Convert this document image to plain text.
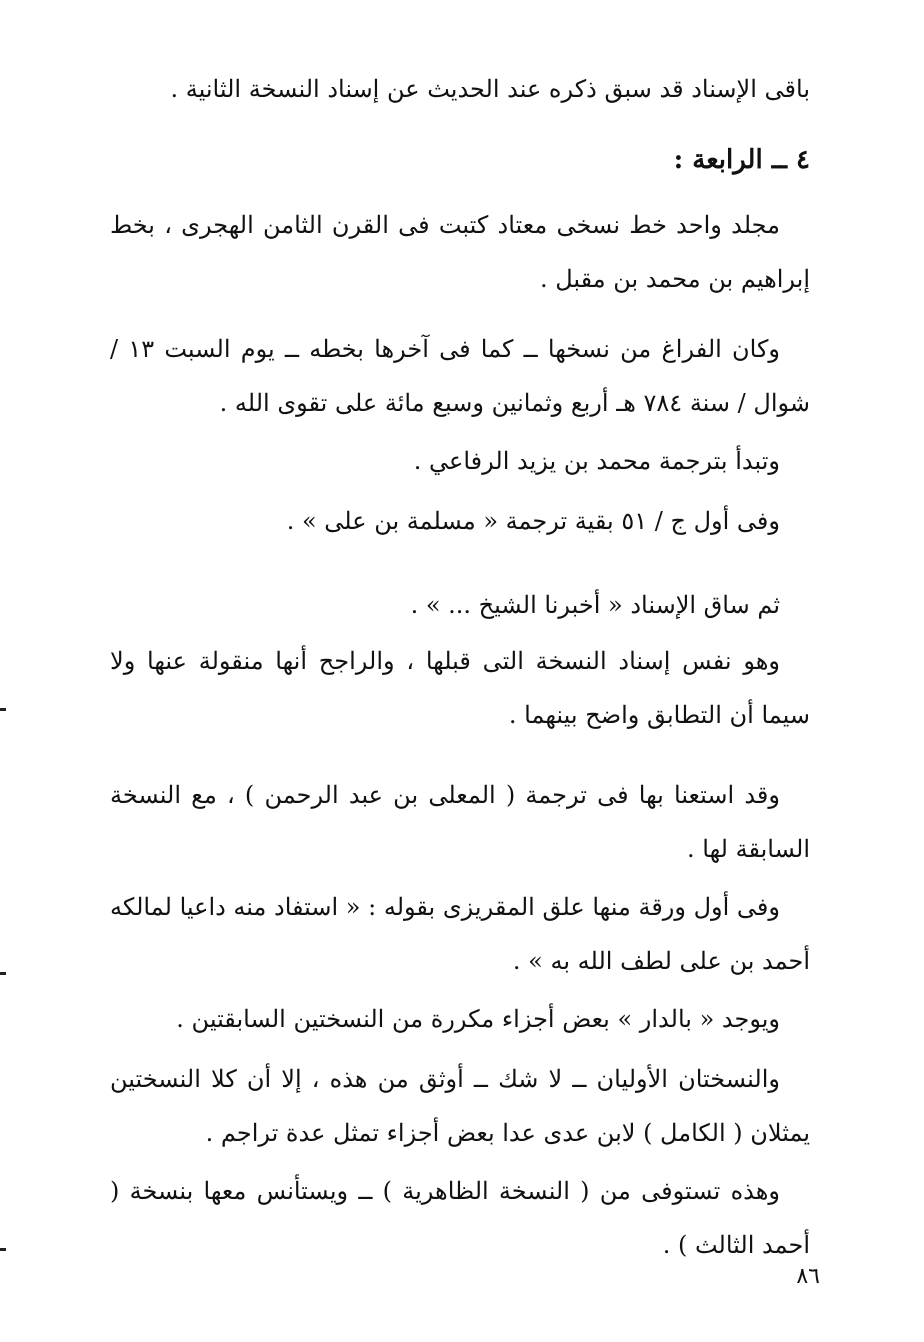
باقى الإسناد قد سبق ذكره عند الحديث عن إسناد النسخة الثانية .
٤ ــ الرابعة :
مجلد واحد خط نسخى معتاد كتبت فى القرن الثامن الهجرى ، بخط إبراهيم بن محمد بن مقبل .
وكان الفراغ من نسخها ــ كما فى آخرها بخطه ــ يوم السبت ١٣ / شوال / سنة ٧٨٤ هـ أربع وثمانين وسبع مائة على تقوى الله .
وتبدأ بترجمة محمد بن يزيد الرفاعي .
وفى أول ج / ٥١ بقية ترجمة « مسلمة بن على » .
ثم ساق الإسناد « أخبرنا الشيخ ... » .
وهو نفس إسناد النسخة التى قبلها ، والراجح أنها منقولة عنها ولا سيما أن التطابق واضح بينهما .
وقد استعنا بها فى ترجمة ( المعلى بن عبد الرحمن ) ، مع النسخة السابقة لها .
وفى أول ورقة منها علق المقريزى بقوله : « استفاد منه داعيا لمالكه أحمد بن على لطف الله به » .
ويوجد « بالدار » بعض أجزاء مكررة من النسختين السابقتين .
والنسختان الأوليان ــ لا شك ــ أوثق من هذه ، إلا أن كلا النسختين يمثلان ( الكامل ) لابن عدى عدا بعض أجزاء تمثل عدة تراجم .
وهذه تستوفى من ( النسخة الظاهرية ) ــ ويستأنس معها بنسخة ( أحمد الثالث ) .
٨٦
